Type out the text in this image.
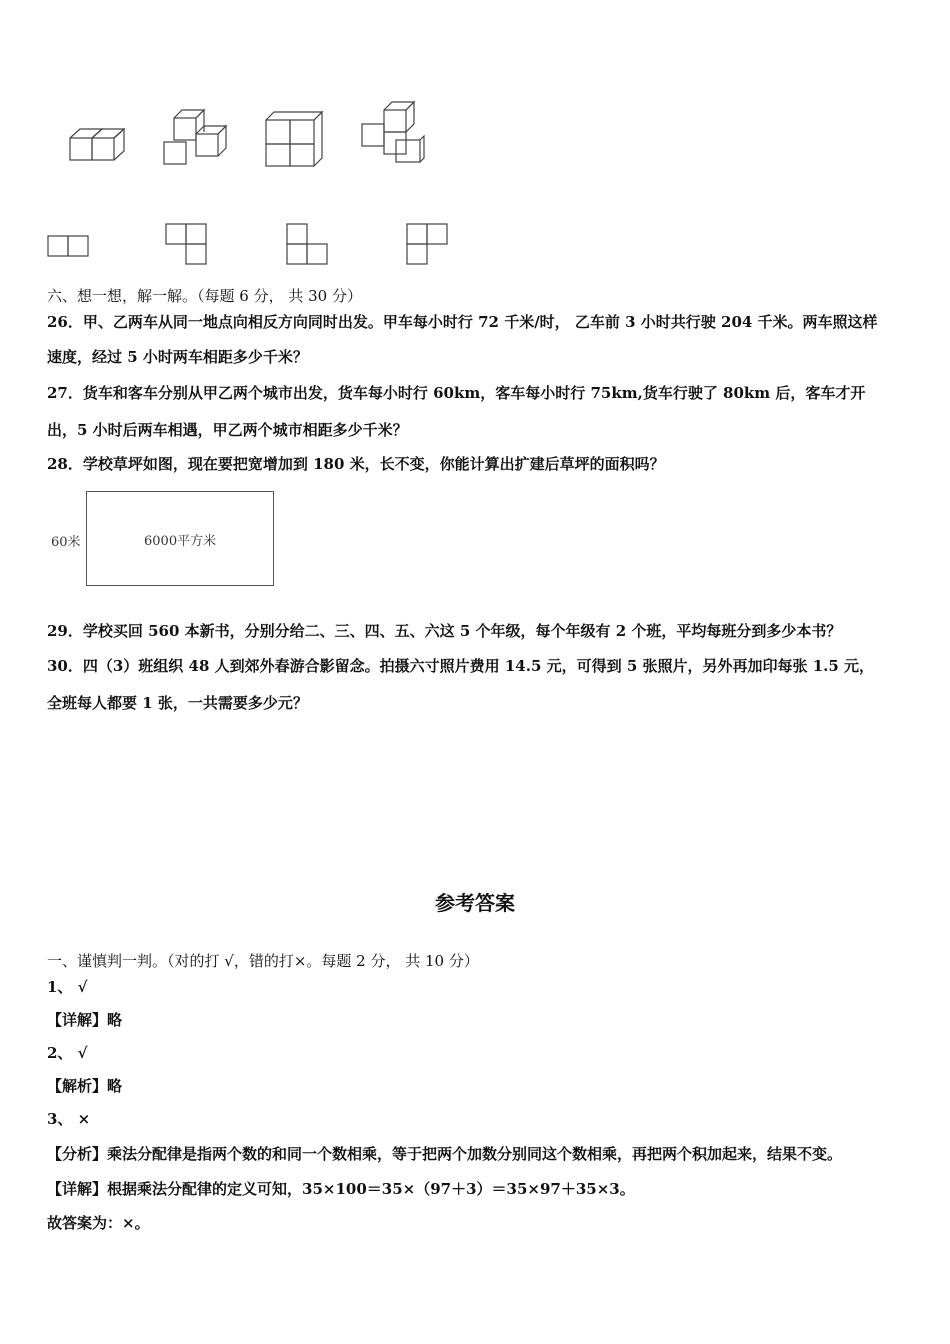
六、想一想，解一解。（每题 6 分， 共 30 分）
26．甲、乙两车从同一地点向相反方向同时出发。甲车每小时行 72 千米/时， 乙车前 3 小时共行驶 204 千米。两车照这样
速度，经过 5 小时两车相距多少千米？
27．货车和客车分别从甲乙两个城市出发，货车每小时行 60km，客车每小时行 75km,货车行驶了 80km 后，客车才开
出，5 小时后两车相遇，甲乙两个城市相距多少千米？
28．学校草坪如图，现在要把宽增加到 180 米，长不变，你能计算出扩建后草坪的面积吗？
60米	6000平方米
29．学校买回 560 本新书，分别分给二、三、四、五、六这 5 个年级，每个年级有 2 个班，平均每班分到多少本书？
30．四（3）班组织 48 人到郊外春游合影留念。拍摄六寸照片费用 14.5 元，可得到 5 张照片，另外再加印每张 1.5 元，
全班每人都要 1 张，一共需要多少元？
参考答案
一、谨慎判一判。（对的打 √，错的打×。每题 2 分， 共 10 分）
1、 √
【详解】略
2、 √
【解析】略
3、 ×
【分析】乘法分配律是指两个数的和同一个数相乘，等于把两个加数分别同这个数相乘，再把两个积加起来，结果不变。
【详解】根据乘法分配律的定义可知，35×100＝35×（97＋3）＝35×97＋35×3。
故答案为：×。
